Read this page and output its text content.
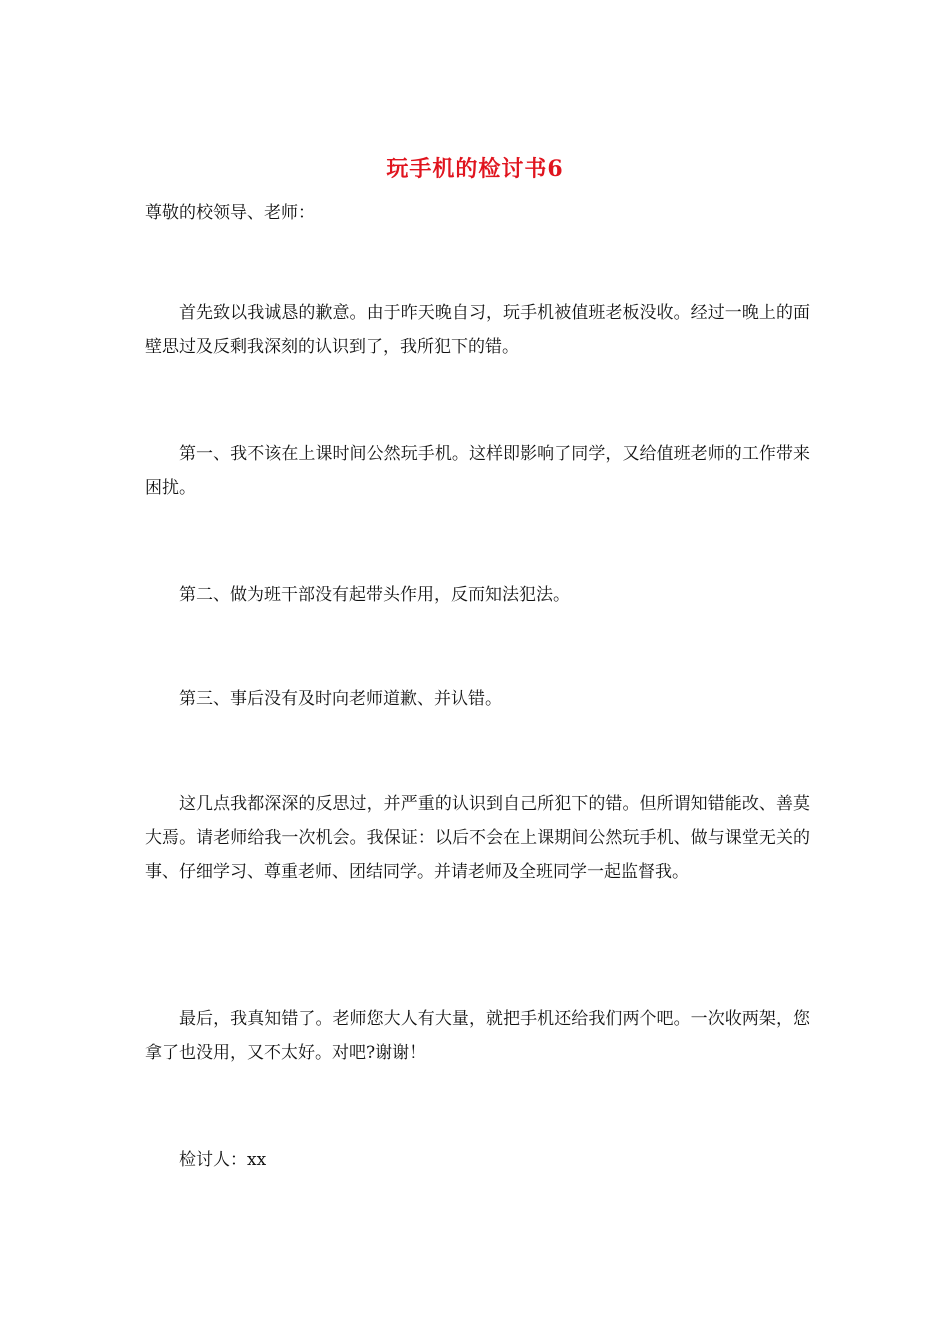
玩手机的检讨书6
尊敬的校领导、老师：

首先致以我诚恳的歉意。由于昨天晚自习，玩手机被值班老板没收。经过一晚上的面壁思过及反剩我深刻的认识到了，我所犯下的错。

第一、我不该在上课时间公然玩手机。这样即影响了同学，又给值班老师的工作带来困扰。

第二、做为班干部没有起带头作用，反而知法犯法。

第三、事后没有及时向老师道歉、并认错。

这几点我都深深的反思过，并严重的认识到自己所犯下的错。但所谓知错能改、善莫大焉。请老师给我一次机会。我保证：以后不会在上课期间公然玩手机、做与课堂无关的事、仔细学习、尊重老师、团结同学。并请老师及全班同学一起监督我。

最后，我真知错了。老师您大人有大量，就把手机还给我们两个吧。一次收两架，您拿了也没用，又不太好。对吧?谢谢！

检讨人：xx
